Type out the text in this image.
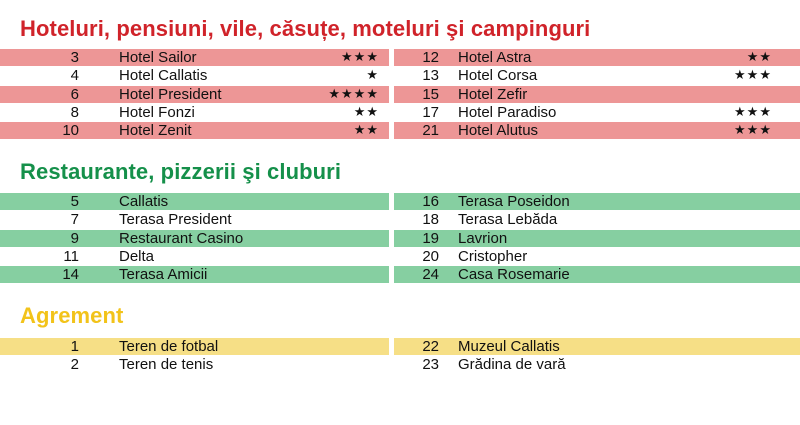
Hoteluri, pensiuni, vile, căsuțe, moteluri şi campinguri
3	Hotel Sailor	★★★	12 Hotel Astra	★★
4	Hotel Callatis	★	13 Hotel Corsa	★★★
6	Hotel President	★★★★	15 Hotel Zefir
8	Hotel Fonzi	★★	17 Hotel Paradiso	★★★
10	Hotel Zenit	★★	21 Hotel Alutus	★★★
Restaurante, pizzerii şi cluburi
5	Callatis	16 Terasa Poseidon
7	Terasa President	18 Terasa Lebăda
9	Restaurant Casino	19 Lavrion
11	Delta	20 Cristopher
14	Terasa Amicii	24 Casa Rosemarie
Agrement
1	Teren de fotbal	22 Muzeul Callatis
2	Teren de tenis	23 Grădina de vară
